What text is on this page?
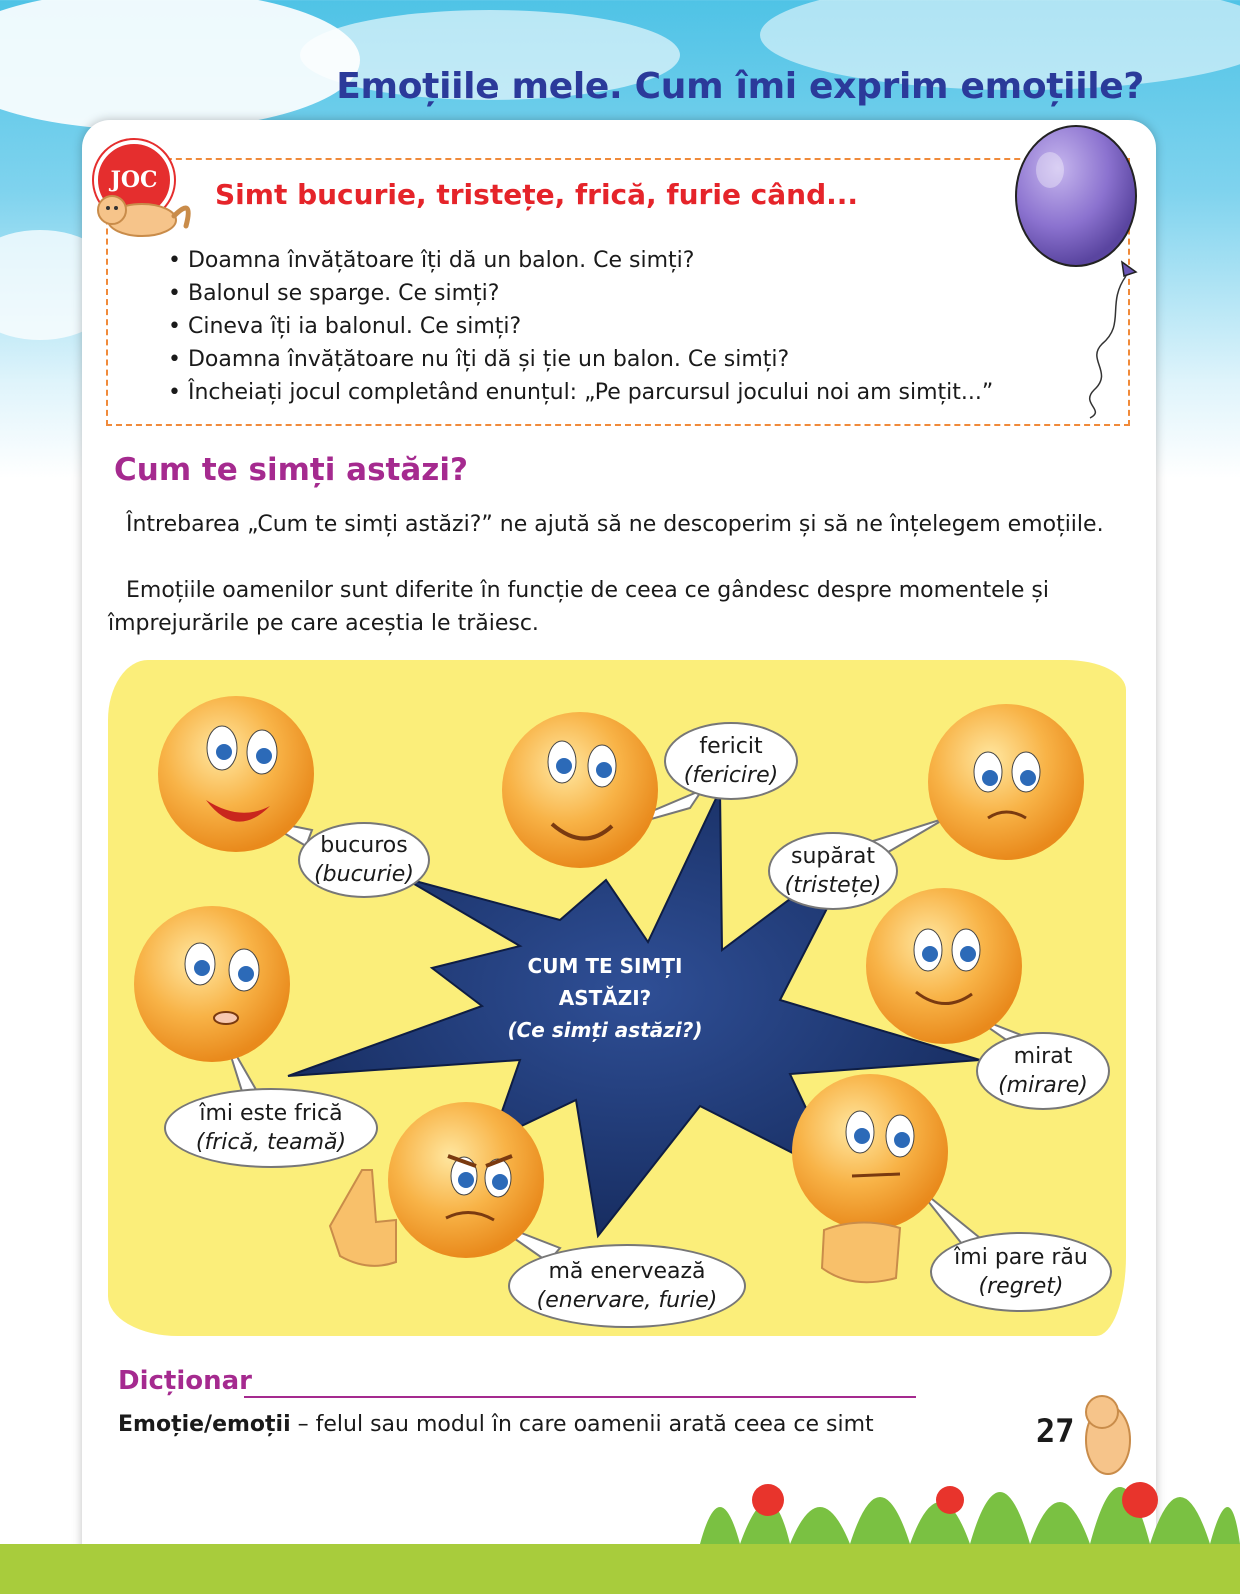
Emoțiile mele. Cum îmi exprim emoțiile?
JOC	Simt bucurie, tristețe, frică, furie când...
• Doamna învățătoare îți dă un balon. Ce simți?
• Balonul se sparge. Ce simți?
• Cineva îți ia balonul. Ce simți?
• Doamna învățătoare nu îți dă și ție un balon. Ce simți?
• Încheiați jocul completând enunțul: „Pe parcursul jocului noi am simțit...”
Cum te simți astăzi?

Întrebarea „Cum te simți astăzi?” ne ajută să ne descoperim și să ne înțelegem emoțiile.

Emoțiile oamenilor sunt diferite în funcție de ceea ce gândesc despre momentele și împrejurările pe care aceștia le trăiesc.

bucuros
(bucurie)
fericit
(fericire)
supărat
(tristețe)
mirat
(mirare)
îmi pare rău
(regret)
mă enervează
(enervare, furie)
îmi este frică
(frică, teamă)
CUM TE SIMȚI
ASTĂZI?
(Ce simți astăzi?)
Dicționar

Emoție/emoții – felul sau modul în care oamenii arată ceea ce simt	27
